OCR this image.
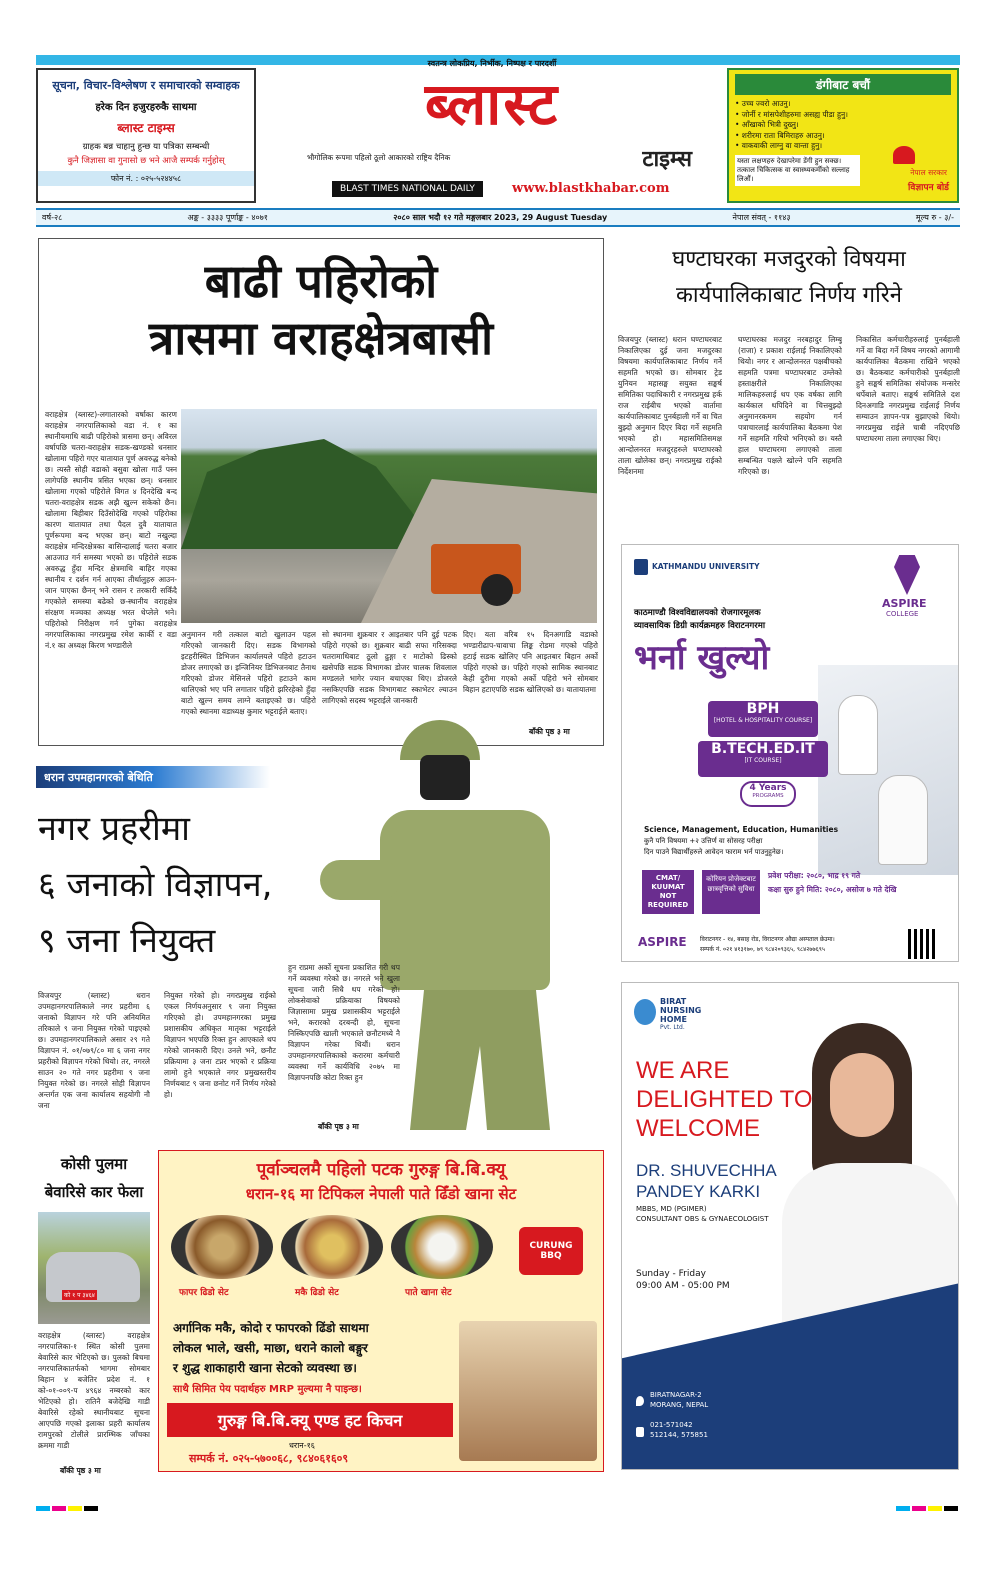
सूचना, विचार-विश्लेषण र समाचारको सम्वाहक
हरेक दिन हजुरहरुकै साथमा
ब्लास्ट टाइम्स
ग्राहक बन्न चाहानु हुन्छ या पत्रिका सम्बन्धी
कुनै जिज्ञासा वा गुनासो छ भने आजै सम्पर्क गर्नुहोस्
फोन नं. : ०२५-५२४४५८
स्वतन्त्र लोकप्रिय, निर्भीक, निष्पक्ष र पारदर्शी
ब्लास्ट
टाइम्स
भौगोलिक रूपमा पहिलो ठूलो आकारको राष्ट्रिय दैनिक
BLAST TIMES NATIONAL DAILY	www.blastkhabar.com
डंगीबाट बचौं
• उच्च ज्वरो आउनु।
• जोर्नी र मांसपेशीहरुमा असह्य पीडा हुनु।
• आँखाको भित्री दुख्नु।
• शरीरमा राता बिमिराहरु आउनु।
• वाकवाकी लाग्नु वा वान्ता हुनु।
यस्ता लक्षणहरु देखापरेमा डेंगी हुन सक्छ। तत्काल चिकित्सक वा स्वास्थ्यकर्मीको सल्लाह लिऔं।
नेपाल सरकार
विज्ञापन बोर्ड
वर्ष-२८	अङ्क - ३३३३ पूर्णाङ्क - ४०७१	२०८० साल भदौ १२ गते मङ्गलबार 2023, 29 August Tuesday	नेपाल संवत् - ११४३	मूल्य रु - ३/-
बाढी पहिरोको
त्रासमा वराहक्षेत्रबासी
वराहक्षेत्र (ब्लास्ट)-लगातारको वर्षाका कारण वराहक्षेत्र नगरपालिकाको वडा नं. १ का स्थानीयमाथि बाढी पहिरोको त्रासमा छन्। अविरल वर्षापछि चतरा-वराहक्षेत्र सडक-खण्डको धनसार खोलामा पहिरो गएर यातायात पूर्ण अवरुद्ध बनेको छ। त्यस्तै सोही वडाको बसुवा खोला गाउँ पस्न लागेपछि स्थानीय त्रसित भएका छन्। धनसार खोलामा गएको पहिरोले विगत ४ दिनदेखि बन्द चतरा-वराहक्षेत्र सडक अझै खुल्न सकेको छैन। खोलामा बिहीबार दिउँसोदेखि गएको पहिरोका कारण यातायात तथा पैदल दुवै यातायात पूर्णरूपमा बन्द भएका छन्। बाटो नखुल्दा वराहक्षेत्र मन्दिरक्षेत्रका बासिन्दालाई चतरा बजार आउजाउ गर्न समस्या भएको छ। पहिरोले सडक अवरुद्ध हुँदा मन्दिर क्षेत्रमाथि बाहिर गएका स्थानीय र दर्शन गर्न आएका तीर्थालुहरु आउन-जान पाएका छैनन् भने रासन र तरकारी सकिँदै गएकोले समस्या बढेको छ-स्थानीय वराहक्षेत्र संरक्षण मञ्चका अध्यक्ष भरत थेप्लेले भने। पहिरोको निरीक्षण गर्न पुगेका वराहक्षेत्र नगरपालिकाका नगरप्रमुख रमेश कार्की र वडा नं.१ का अध्यक्ष किरण भण्डारीले
अनुमानन गरी तत्काल बाटो खुलाउन पहल गरिएको जानकारी दिए। सडक विभागको इटहरीस्थित डिभिजन कार्यालयले पहिरो हटाउन डोजर लगाएको छ। इन्जिनियर डिभिजनबाट तैनाथ गरिएको डोजर मेसिनले पहिरो हटाउने काम थालिएको भए पनि लगातार पहिरो झरिरहेको हुँदा बाटो खुल्न समय लाग्ने बताइएको छ। पहिरो गएको स्थानमा वडाध्यक्ष कुमार भट्टराईले बताए।
सो स्थानमा शुक्रबार र आइतबार पनि दुई पटक पहिरो गएको छ। शुक्रबार बाढी सफा गरिसक्दा चतरामाथिबाट ठूलो ढुङ्गा र माटोको ढिस्को खसेपछि सडक विभागका डोजर चालक शिवलाल मण्डलले भागेर ज्यान बचाएका थिए। डोजरले नसकिएपछि सडक विभागबाट स्काभेटर ल्याउन लागिएको सदस्य भट्टराईले जानकारी
दिए। यता वरिब १५ दिनअगाडि वडाको भण्डारीढाप-चावाचा लिङ्क रोडमा गएको पहिरो हटाई सडक खोलिए पनि आइतबार बिहान अर्को पहिरो गएको छ। पहिरो गएको सामिक स्थानबाट केही दुरीमा गएको अर्को पहिरो भने सोमबार बिहान हटाएपछि सडक खोलिएको छ। यातायातमा
बाँकी पृष्ठ ३ मा
घण्टाघरका मजदुरको विषयमा
कार्यपालिकाबाट निर्णय गरिने
विजयपुर (ब्लास्ट) धरान घण्टाघरबाट निकालिएका दुई जना मजदुरका विषयमा कार्यपालिकाबाट निर्णय गर्ने सहमति भएको छ। सोमबार ट्रेड युनियन महासङ्घ सयुक्त सङ्घर्ष समितिका पदाधिकारी र नगरप्रमुख हर्क राज राईबीच भएको वार्तामा कार्यपालिकाबाट पुनर्बहाली गर्ने वा चित बुझ्दो अनुमान दिएर बिदा गर्ने सहमति भएको हो। महासमितिसमक्ष आन्दोलनरत मजदुरहरुले घण्टाघरको ताला खोलेका छन्। नगरप्रमुख राईको निर्देशनमा
घण्टाघरका मजदुर नरबहादुर लिम्बू (राजा) र प्रकाश राईलाई निकालिएको थियो। नगर र आन्दोलनरत पक्षबीचको सहमति पत्रमा घण्टाघरबाट उम्लेको हस्ताक्षरीले निकालिएका मालिकहरुलाई थप एक वर्षका लागि कार्यकाल थपिदिने वा चित्तबुझ्दो अनुमानरकमम सहयोग गर्न पत्राचारलाई कार्यपालिका बैठकमा पेश गर्ने सहमति गरियो भनिएको छ। यस्तै हाल घण्टाघरमा लगाएको ताला सम्बन्धित पक्षले खोल्ने पनि सहमति गरिएको छ।
निकासित कर्मचारीहरुलाई पुनर्बहाली गर्ने वा बिदा गर्ने विषय नगरको आगामी कार्यपालिका बैठकमा राखिने भएको छ। बैठकबाट कर्मचारीको पुनर्बहाली हुने सङ्घर्ष समितिका संयोजक मन्सरेर थर्पेबाले बताए। सङ्घर्ष समितिले दश दिनअगाडि नगरप्रमुख राईलाई निर्णय सम्याउन ज्ञापन-पत्र बुझाएको थियो। नगरप्रमुख राईले चाबी नदिएपछि घण्टाघरमा ताला लगाएका थिए।
KATHMANDU UNIVERSITY
ASPIRE
COLLEGE
काठमाण्डौ विश्वविद्यालयको रोजगारमूलक
व्यावसायिक डिग्री कार्यक्रमहरु विराटनगरमा
भर्ना खुल्यो
BPH
[HOTEL & HOSPITALITY COURSE]
B.TECH.ED.IT
[IT COURSE]
4 Years
PROGRAMS
Science, Management, Education, Humanities
कुनै पनि विषयमा +२ उत्तिर्ण वा सोसरह परीक्षा
दिन पाउने विद्यार्थीहरुले आवेदन फाराम भर्न पाउनुहुनेछ।
CMAT/ KUUMAT NOT REQUIRED
कोरियन प्रोजेक्टबाट छात्रवृत्तिको सुविधा
प्रवेश परीक्षा: २०८०, भाद्र १९ गते
कक्षा सुरु हुने मिति: २०८०, असोज ७ गते देखि
ASPIRE विराटनगर - १४, बसाह रोड, विराटनगर औद्या अस्पताल छेउमा।
सम्पर्क नं. ०२१ ४१३१७०, ७९ ९८४२०९३६५, ९८४२७७६९५
धरान उपमहानगरको बेथिति
नगर प्रहरीमा
६ जनाको विज्ञापन,
९ जना नियुक्त
विजयपुर (ब्लास्ट) धरान उपमहानगरपालिकाले नगर प्रहरीमा ६ जनाको विज्ञापन गरे पनि अनियमित तरिकाले ९ जना नियुक्त गरेको पाइएको छ। उपमहानगरपालिकाले असार २९ गते विज्ञापन नं. ०१/०७९/८० मा ६ जना नगर प्रहरीको विज्ञापन गरेको थियो। तर, नगरले साउन २० गते नगर प्रहरीमा ९ जना नियुक्त गरेको छ। नगरले सोही विज्ञापन अन्तर्गत एक जना कार्यालय सहयोगी नौ जना
नियुक्त गरेको हो। नगरप्रमुख राईको एकल निर्णयअनुसार ९ जना नियुक्त गरिएको हो। उपमहानगरका प्रमुख प्रशासकीय अधिकृत मातृका भट्टराईले विज्ञापन भएपछि रिक्त हुन आएकाले थप गरेको जानकारी दिए। उनले भने, छनौट प्रक्रियामा ३ जना टप्नर भएको र प्रक्रिया लामो हुने भएकाले नगर प्रमुखस्तरीय निर्णयबाट ९ जना छनोट गर्ने निर्णय गरेको हो।
हुन राप्रमा अर्को सूचना प्रकाशित गरी थप गर्ने व्यवस्था गरेको छ। नगरले भने खुला सूचना जारी सिधै थप गरेको हो। लोकसेवाको प्रक्रियाका विषयको जिज्ञासामा प्रमुख प्रशासकीय भट्टराईले भने, करारको दरबन्दी हो, सूचना निस्किएपछि खाली भएकाले छनौटमध्ये नै विज्ञापन गरेका थियौं। धरान उपमहानगरपालिकाको करारमा कर्मचारी व्यवस्था गर्ने कार्यविधि २०७५ मा विज्ञापनपछि कोटा रिक्त हुन
बाँकी पृष्ठ ३ मा
कोसी पुलमा
बेवारिसे कार फेला
को १ प ३४६४
वराहक्षेत्र (ब्लास्ट) वराहक्षेत्र नगरपालिका-१ स्थित कोसी पुलमा बेवारिसे कार भेटिएको छ। पुलको बिचमा नगरपालिकातर्फको भागमा सोमबार बिहान ४ बजेतिर प्रदेश नं. १ को-०१-००९-प ४९६४ नम्बरको कार भेटिएको हो। रातिनै बजेदेखि गाडी बेवारिसे रहेको स्थानीयबाट सूचना आएपछि गएको इलाका प्रहरी कार्यालय रामपुरको टोलीले प्रारम्भिक जाँचका क्रममा गाडी
बाँकी पृष्ठ ३ मा
पूर्वाञ्चलमै पहिलो पटक गुरुङ्ग बि.बि.क्यू
धरान-१६ मा टिपिकल नेपाली पाते ढिँडो खाना सेट
CURUNG BBQ
फापर ढिडो सेट	मकै ढिडो सेट	पाते खाना सेट
अर्गानिक मकै, कोदो र फापरको ढिंडो साथमा
लोकल भाले, खसी, माछा, धराने कालो बङ्गुर
र शुद्ध शाकाहारी खाना सेटको व्यवस्था छ।
साथै सिमित पेय पदार्थहरु MRP मुल्यमा नै पाइन्छ।
गुरुङ्ग बि.बि.क्यू एण्ड हट किचन
धरान-१६
सम्पर्क नं. ०२५-५७००६८, ९८४०६१६०९
BIRAT
NURSING
HOME
Pvt. Ltd.
WE ARE
DELIGHTED TO
WELCOME
DR. SHUVECHHA
PANDEY KARKI
MBBS, MD (PGIMER)
CONSULTANT OBS & GYNAECOLOGIST
Sunday - Friday
09:00 AM - 05:00 PM
BIRATNAGAR-2
MORANG, NEPAL
021-571042
512144, 575851
